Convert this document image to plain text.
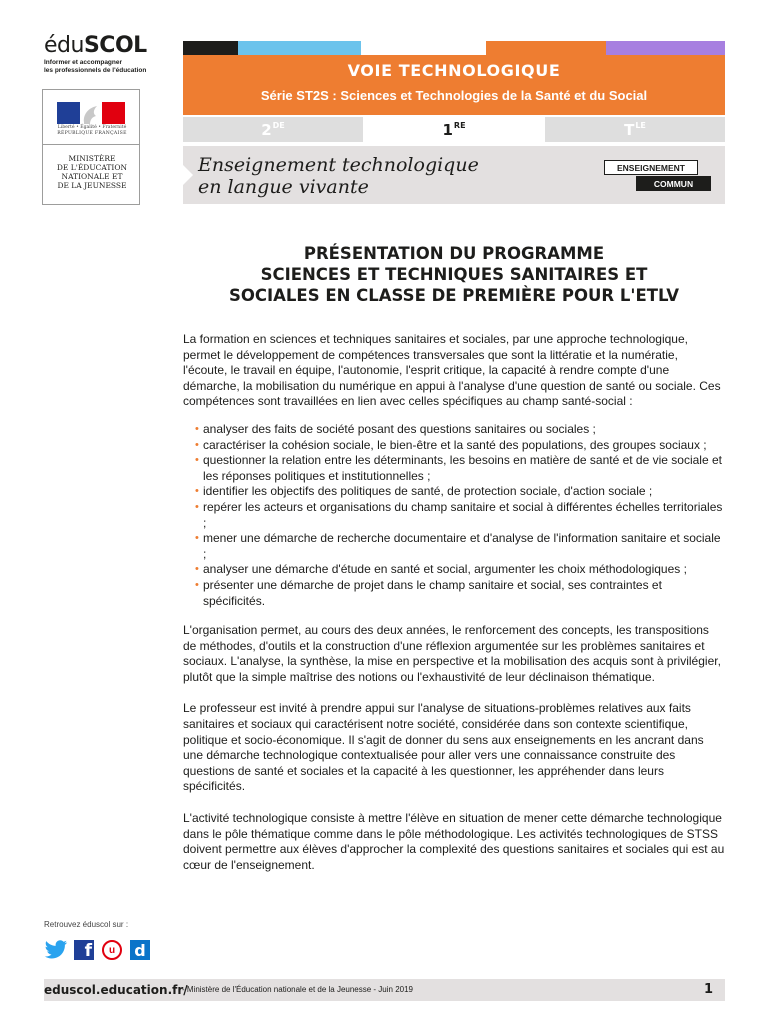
éduSCOL
Informer et accompagner
les professionnels de l'éducation
Liberté • Égalité • Fraternité
RÉPUBLIQUE FRANÇAISE
MINISTÈRE
DE L'ÉDUCATION
NATIONALE ET
DE LA JEUNESSE
VOIE TECHNOLOGIQUE
Série ST2S : Sciences et Technologies de la Santé et du Social
2DE	1RE	$T^{LE}$
Enseignement technologique
en langue vivante
ENSEIGNEMENT
COMMUN
PRÉSENTATION DU PROGRAMME
SCIENCES ET TECHNIQUES SANITAIRES ET
SOCIALES EN CLASSE DE PREMIÈRE POUR L'ETLV

La formation en sciences et techniques sanitaires et sociales, par une approche technologique, permet le développement de compétences transversales que sont la littératie et la numératie, l'écoute, le travail en équipe, l'autonomie, l'esprit critique, la capacité à rendre compte d'une démarche, la mobilisation du numérique en appui à l'analyse d'une question de santé ou sociale. Ces compétences sont travaillées en lien avec celles spécifiques au champ santé-social :

• analyser des faits de société posant des questions sanitaires ou sociales ;
• caractériser la cohésion sociale, le bien-être et la santé des populations, des groupes sociaux ;
• questionner la relation entre les déterminants, les besoins en matière de santé et de vie sociale et les réponses politiques et institutionnelles ;
• identifier les objectifs des politiques de santé, de protection sociale, d'action sociale ;
• repérer les acteurs et organisations du champ sanitaire et social à différentes échelles territoriales ;
• mener une démarche de recherche documentaire et d'analyse de l'information sanitaire et sociale ;
• analyser une démarche d'étude en santé et social, argumenter les choix méthodologiques ;
• présenter une démarche de projet dans le champ sanitaire et social, ses contraintes et spécificités.

L'organisation permet, au cours des deux années, le renforcement des concepts, les transpositions de méthodes, d'outils et la construction d'une réflexion argumentée sur les problèmes sanitaires et sociaux. L'analyse, la synthèse, la mise en perspective et la mobilisation des acquis sont à privilégier, plutôt que la simple maîtrise des notions ou l'exhaustivité de leur déclinaison thématique.

Le professeur est invité à prendre appui sur l'analyse de situations-problèmes relatives aux faits sanitaires et sociaux qui caractérisent notre société, considérée dans son contexte scientifique, politique et socio-économique. Il s'agit de donner du sens aux enseignements en les ancrant dans une démarche technologique contextualisée pour aller vers une connaissance construite des questions de santé et sociales et la capacité à les questionner, les appréhender dans leurs spécificités.

L'activité technologique consiste à mettre l'élève en situation de mener cette démarche technologique dans le pôle thématique comme dans le pôle méthodologique. Les activités technologiques de STSS doivent permettre aux élèves d'approcher la complexité des questions sanitaires et sociales qui est au cœur de l'enseignement.

Retrouvez éduscol sur :
f	u	d
eduscol.education.fr/
- Ministère de l'Éducation nationale et de la Jeunesse - Juin 2019	1
